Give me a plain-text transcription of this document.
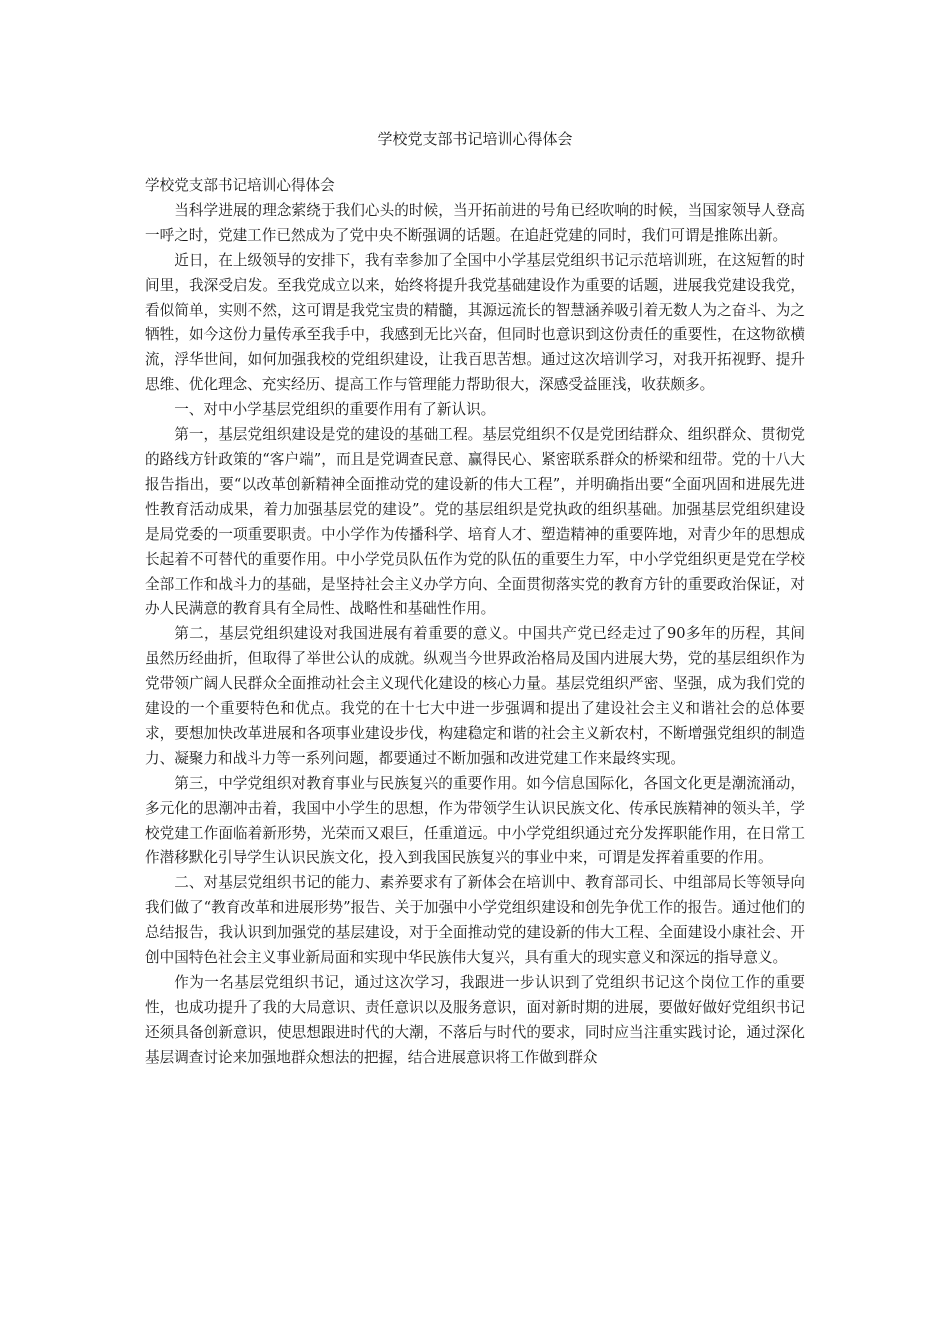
学校党支部书记培训心得体会

学校党支部书记培训心得体会

当科学进展的理念萦绕于我们心头的时候，当开拓前进的号角已经吹响的时候，当国家领导人登高一呼之时，党建工作已然成为了党中央不断强调的话题。在追赶党建的同时，我们可谓是推陈出新。

近日，在上级领导的安排下，我有幸参加了全国中小学基层党组织书记示范培训班，在这短暂的时间里，我深受启发。至我党成立以来，始终将提升我党基础建设作为重要的话题，进展我党建设我党，看似简单，实则不然，这可谓是我党宝贵的精髓，其源远流长的智慧涵养吸引着无数人为之奋斗、为之牺牲，如今这份力量传承至我手中，我感到无比兴奋，但同时也意识到这份责任的重要性，在这物欲横流，浮华世间，如何加强我校的党组织建设，让我百思苦想。通过这次培训学习，对我开拓视野、提升思维、优化理念、充实经历、提高工作与管理能力帮助很大，深感受益匪浅，收获颇多。

一、对中小学基层党组织的重要作用有了新认识。

第一，基层党组织建设是党的建设的基础工程。基层党组织不仅是党团结群众、组织群众、贯彻党的路线方针政策的“客户端”，而且是党调查民意、赢得民心、紧密联系群众的桥梁和纽带。党的十八大报告指出，要“以改革创新精神全面推动党的建设新的伟大工程”，并明确指出要“全面巩固和进展先进性教育活动成果，着力加强基层党的建设”。党的基层组织是党执政的组织基础。加强基层党组织建设是局党委的一项重要职责。中小学作为传播科学、培育人才、塑造精神的重要阵地，对青少年的思想成长起着不可替代的重要作用。中小学党员队伍作为党的队伍的重要生力军，中小学党组织更是党在学校全部工作和战斗力的基础，是坚持社会主义办学方向、全面贯彻落实党的教育方针的重要政治保证，对办人民满意的教育具有全局性、战略性和基础性作用。

第二，基层党组织建设对我国进展有着重要的意义。中国共产党已经走过了90多年的历程，其间虽然历经曲折，但取得了举世公认的成就。纵观当今世界政治格局及国内进展大势，党的基层组织作为党带领广阔人民群众全面推动社会主义现代化建设的核心力量。基层党组织严密、坚强，成为我们党的建设的一个重要特色和优点。我党的在十七大中进一步强调和提出了建设社会主义和谐社会的总体要求，要想加快改革进展和各项事业建设步伐，构建稳定和谐的社会主义新农村，不断增强党组织的制造力、凝聚力和战斗力等一系列问题，都要通过不断加强和改进党建工作来最终实现。

第三，中学党组织对教育事业与民族复兴的重要作用。如今信息国际化，各国文化更是潮流涌动，多元化的思潮冲击着，我国中小学生的思想，作为带领学生认识民族文化、传承民族精神的领头羊，学校党建工作面临着新形势，光荣而又艰巨，任重道远。中小学党组织通过充分发挥职能作用，在日常工作潜移默化引导学生认识民族文化，投入到我国民族复兴的事业中来，可谓是发挥着重要的作用。

二、对基层党组织书记的能力、素养要求有了新体会在培训中、教育部司长、中组部局长等领导向我们做了“教育改革和进展形势”报告、关于加强中小学党组织建设和创先争优工作的报告。通过他们的总结报告，我认识到加强党的基层建设，对于全面推动党的建设新的伟大工程、全面建设小康社会、开创中国特色社会主义事业新局面和实现中华民族伟大复兴，具有重大的现实意义和深远的指导意义。

作为一名基层党组织书记，通过这次学习，我跟进一步认识到了党组织书记这个岗位工作的重要性，也成功提升了我的大局意识、责任意识以及服务意识，面对新时期的进展，要做好做好党组织书记还须具备创新意识，使思想跟进时代的大潮，不落后与时代的要求，同时应当注重实践讨论，通过深化基层调查讨论来加强地群众想法的把握，结合进展意识将工作做到群众
